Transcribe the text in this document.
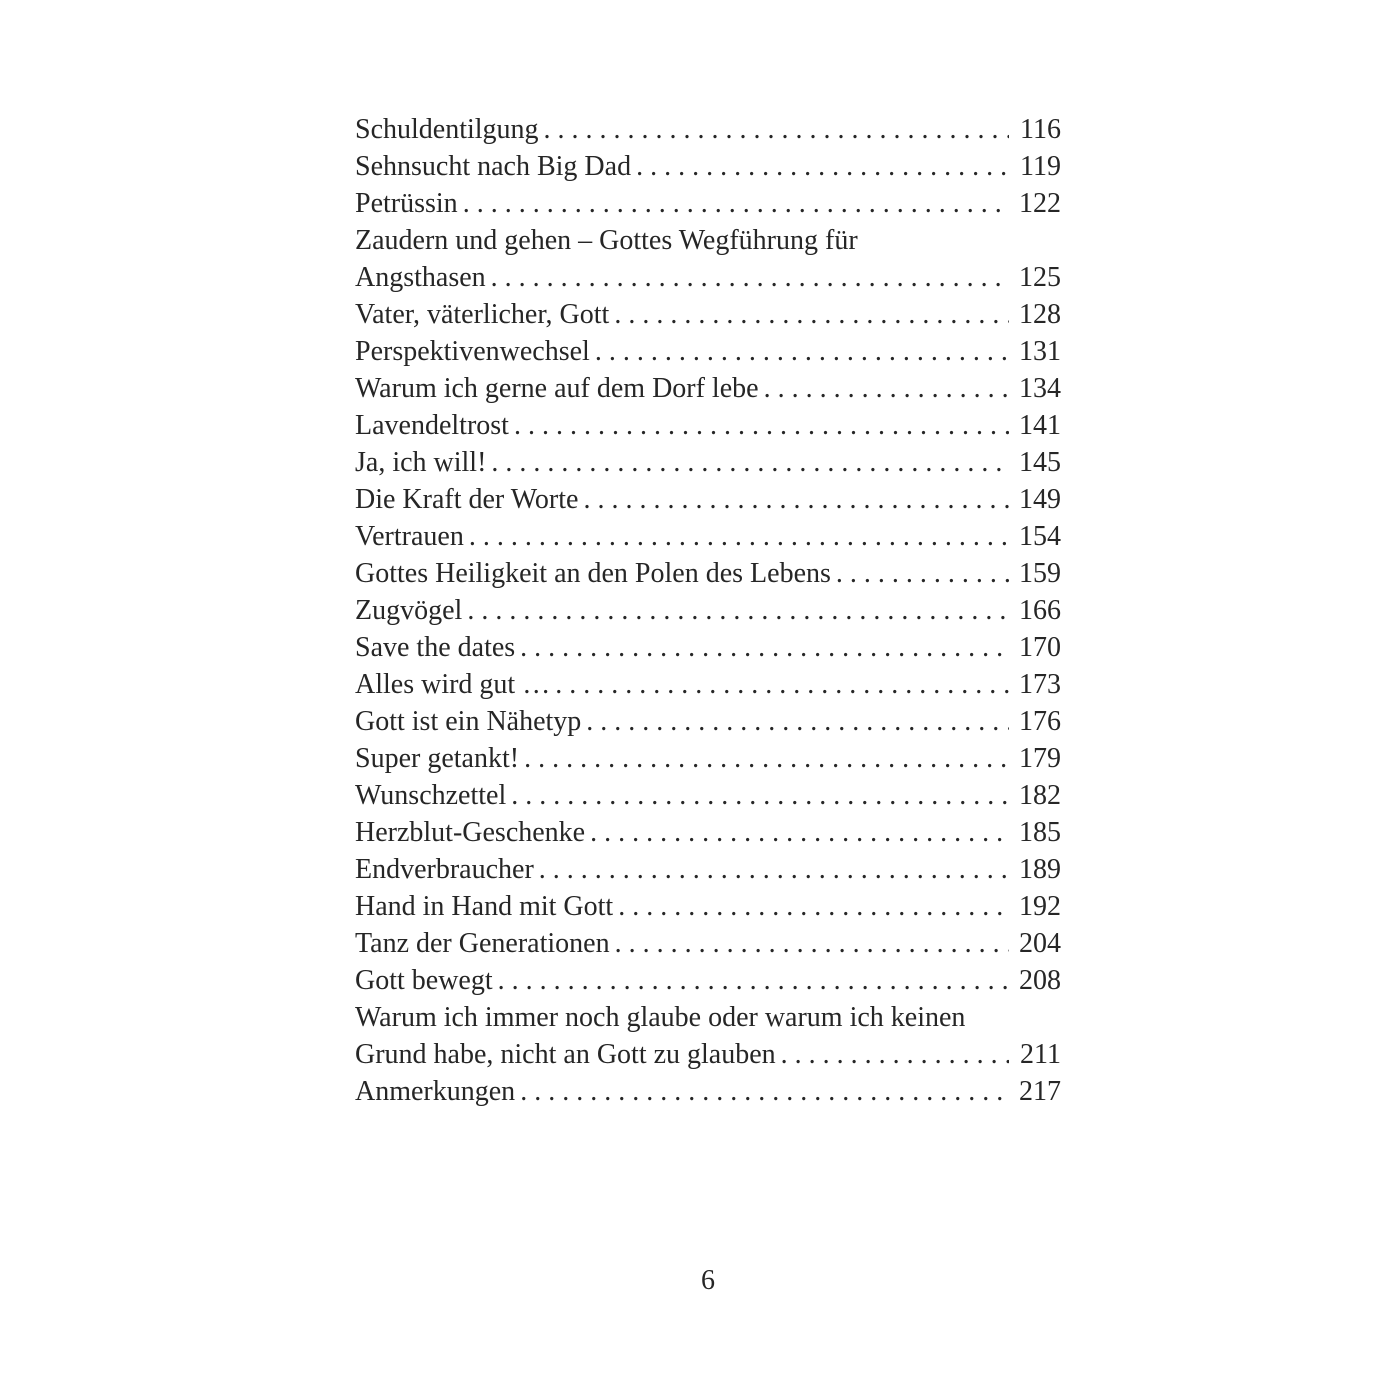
Schuldentilgung . . .	116
Sehnsucht nach Big Dad . . .	119
Petrüssin . . .	122
Zaudern und gehen – Gottes Wegführung für
Angsthasen . . .	125
Vater, väterlicher, Gott . . .	128
Perspektivenwechsel . . .	131
Warum ich gerne auf dem Dorf lebe . . .	134
Lavendeltrost . . .	141
Ja, ich will! . . .	145
Die Kraft der Worte . . .	149
Vertrauen . . .	154
Gottes Heiligkeit an den Polen des Lebens . . .	159
Zugvögel . . .	166
Save the dates . . .	170
Alles wird gut … . . .	173
Gott ist ein Nähetyp . . .	176
Super getankt! . . .	179
Wunschzettel . . .	182
Herzblut-Geschenke . . .	185
Endverbraucher . . .	189
Hand in Hand mit Gott . . .	192
Tanz der Generationen . . .	204
Gott bewegt . . .	208
Warum ich immer noch glaube oder warum ich keinen
Grund habe, nicht an Gott zu glauben . . .	211
Anmerkungen . . .	217
6
